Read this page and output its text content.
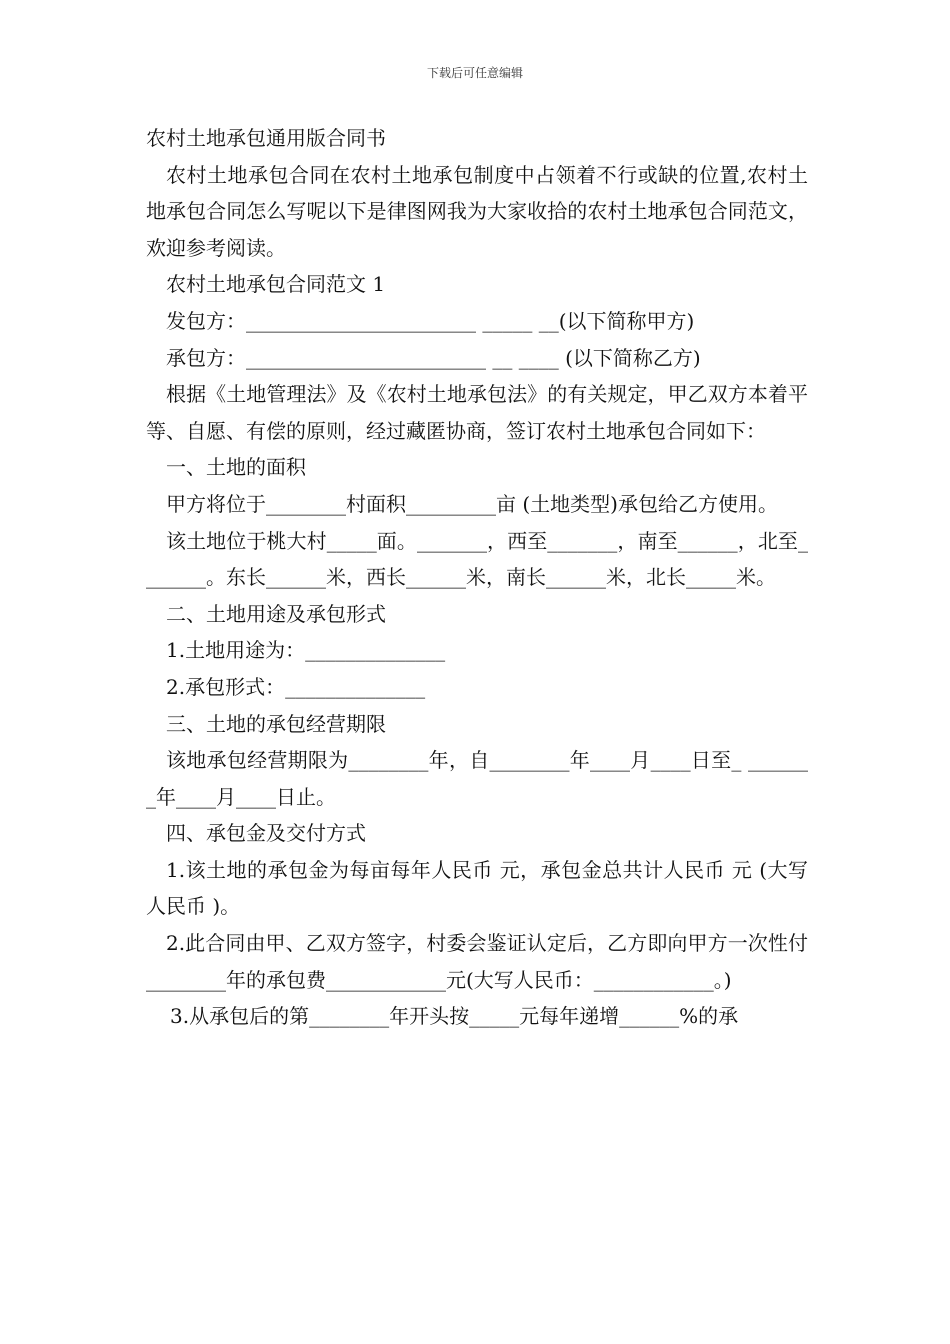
下载后可任意编辑

农村土地承包通用版合同书

农村土地承包合同在农村土地承包制度中占领着不行或缺的位置,农村土地承包合同怎么写呢以下是律图网我为大家收拾的农村土地承包合同范文，欢迎参考阅读。

农村土地承包合同范文 1

发包方：_______________________ _____ __(以下简称甲方)

承包方：________________________ __ ____ (以下简称乙方)

根据《土地管理法》及《农村土地承包法》的有关规定，甲乙双方本着平等、自愿、有偿的原则，经过藏匿协商，签订农村土地承包合同如下：

一、土地的面积

甲方将位于________村面积_________亩 (土地类型)承包给乙方使用。

该土地位于桃大村_____面。_______，西至_______，南至______，北至_______。东长______米，西长______米，南长______米，北长_____米。

二、土地用途及承包形式

1.土地用途为：______________

2.承包形式：______________

三、土地的承包经营期限

该地承包经营期限为________年，自________年____月____日至_ _______年____月____日止。

四、承包金及交付方式

1.该土地的承包金为每亩每年人民币 元，承包金总共计人民币 元 (大写人民币 )。

2.此合同由甲、乙双方签字，村委会鉴证认定后，乙方即向甲方一次性付________年的承包费____________元(大写人民币：____________。)

3.从承包后的第________年开头按_____元每年递增______%的承
